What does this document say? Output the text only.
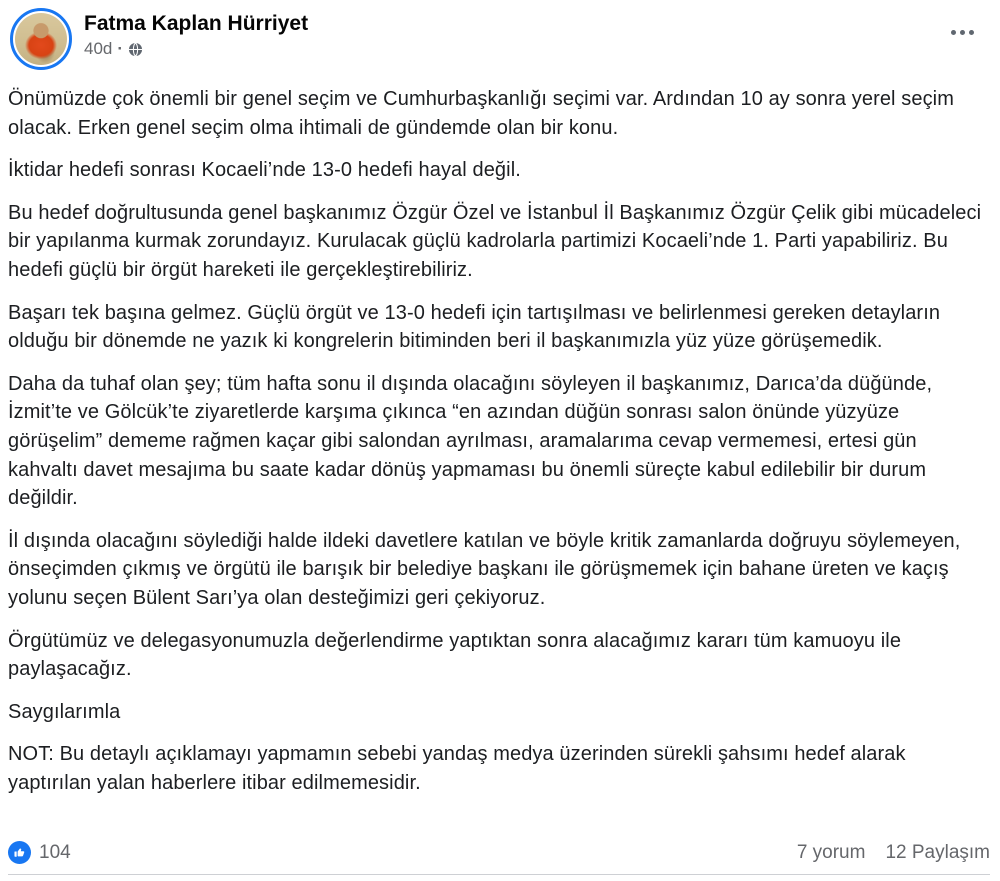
Fatma Kaplan Hürriyet
40d ·

Önümüzde çok önemli bir genel seçim ve Cumhurbaşkanlığı seçimi var. Ardından 10 ay sonra yerel seçim olacak. Erken genel seçim olma ihtimali de gündemde olan bir konu.

İktidar hedefi sonrası Kocaeli’nde 13-0 hedefi hayal değil.

Bu hedef doğrultusunda genel başkanımız Özgür Özel ve İstanbul İl Başkanımız Özgür Çelik gibi mücadeleci bir yapılanma kurmak zorundayız. Kurulacak güçlü kadrolarla partimizi Kocaeli’nde 1. Parti yapabiliriz. Bu hedefi güçlü bir örgüt hareketi ile gerçekleştirebiliriz.

Başarı tek başına gelmez. Güçlü örgüt ve 13-0 hedefi için tartışılması ve belirlenmesi gereken detayların olduğu bir dönemde ne yazık ki kongrelerin bitiminden beri il başkanımızla yüz yüze görüşemedik.

Daha da tuhaf olan şey; tüm hafta sonu il dışında olacağını söyleyen il başkanımız, Darıca’da düğünde, İzmit’te ve Gölcük’te ziyaretlerde karşıma çıkınca “en azından düğün sonrası salon önünde yüzyüze görüşelim” dememe rağmen kaçar gibi salondan ayrılması, aramalarıma cevap vermemesi, ertesi gün kahvaltı davet mesajıma bu saate kadar dönüş yapmaması bu önemli süreçte kabul edilebilir bir durum değildir.

İl dışında olacağını söylediği halde ildeki davetlere katılan ve böyle kritik zamanlarda doğruyu söylemeyen, önseçimden çıkmış ve örgütü ile barışık bir belediye başkanı ile görüşmemek için bahane üreten ve kaçış yolunu seçen Bülent Sarı’ya olan desteğimizi geri çekiyoruz.

Örgütümüz ve delegasyonumuzla değerlendirme yaptıktan sonra alacağımız kararı tüm kamuoyu ile paylaşacağız.

Saygılarımla

NOT: Bu detaylı açıklamayı yapmamın sebebi yandaş medya üzerinden sürekli şahsımı hedef alarak yaptırılan yalan haberlere itibar edilmemesidir.

104	7 yorum 12 Paylaşım
